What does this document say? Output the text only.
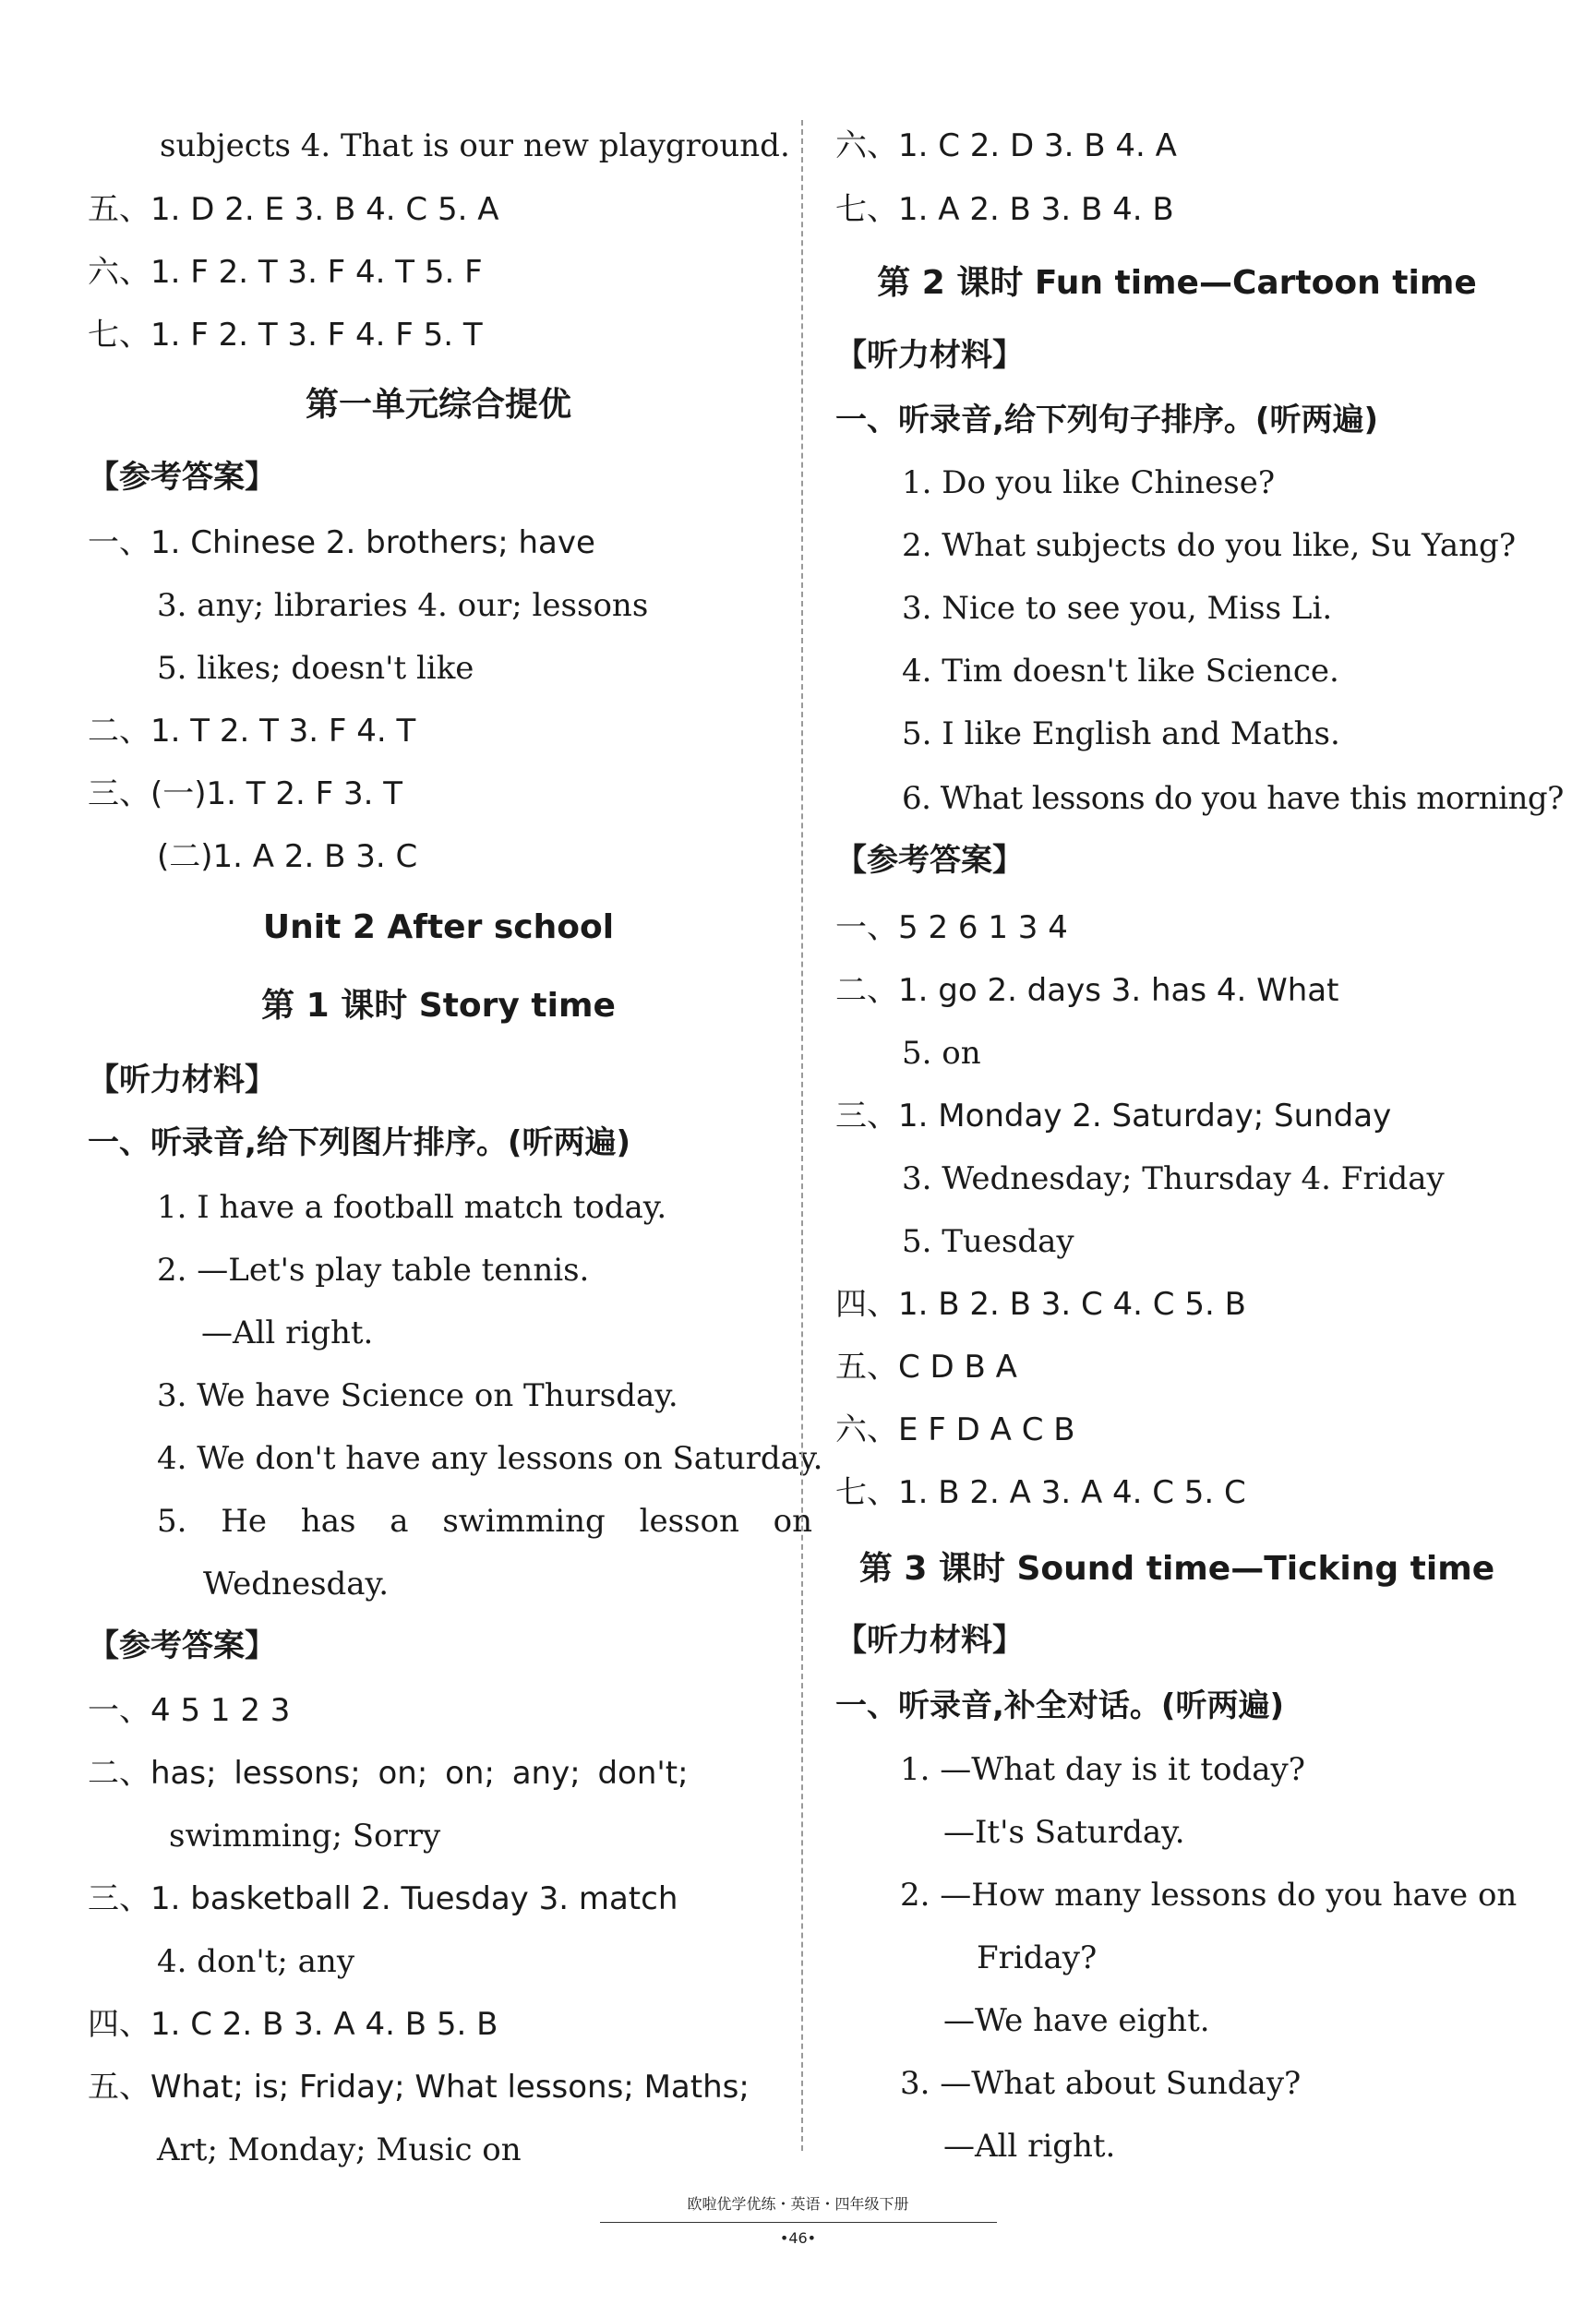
subjects 4. That is our new playground.
五、1. D 2. E 3. B 4. C 5. A
六、1. F 2. T 3. F 4. T 5. F
七、1. F 2. T 3. F 4. F 5. T
第一单元综合提优
【参考答案】
一、1. Chinese 2. brothers; have
3. any; libraries 4. our; lessons
5. likes; doesn't like
二、1. T 2. T 3. F 4. T
三、(一)1. T 2. F 3. T
(二)1. A 2. B 3. C
Unit 2 After school
第 1 课时 Story time
【听力材料】
一、听录音,给下列图片排序。(听两遍)
1. I have a football match today.
2. —Let's play table tennis.
—All right.
3. We have Science on Thursday.
4. We don't have any lessons on Saturday.
5. He has a swimming lesson on
Wednesday.
【参考答案】
一、4 5 1 2 3
二、has; lessons; on; on; any; don't;
swimming; Sorry
三、1. basketball 2. Tuesday 3. match
4. don't; any
四、1. C 2. B 3. A 4. B 5. B
五、What; is; Friday; What lessons; Maths;
Art; Monday; Music on
六、1. C 2. D 3. B 4. A
七、1. A 2. B 3. B 4. B
第 2 课时 Fun time—Cartoon time
【听力材料】
一、听录音,给下列句子排序。(听两遍)
1. Do you like Chinese?
2. What subjects do you like, Su Yang?
3. Nice to see you, Miss Li.
4. Tim doesn't like Science.
5. I like English and Maths.
6. What lessons do you have this morning?
【参考答案】
一、5 2 6 1 3 4
二、1. go 2. days 3. has 4. What
5. on
三、1. Monday 2. Saturday; Sunday
3. Wednesday; Thursday 4. Friday
5. Tuesday
四、1. B 2. B 3. C 4. C 5. B
五、C D B A
六、E F D A C B
七、1. B 2. A 3. A 4. C 5. C
第 3 课时 Sound time—Ticking time
【听力材料】
一、听录音,补全对话。(听两遍)
1. —What day is it today?
—It's Saturday.
2. —How many lessons do you have on
Friday?
—We have eight.
3. —What about Sunday?
—All right.
欧啦优学优练・英语・四年级下册
•46•
